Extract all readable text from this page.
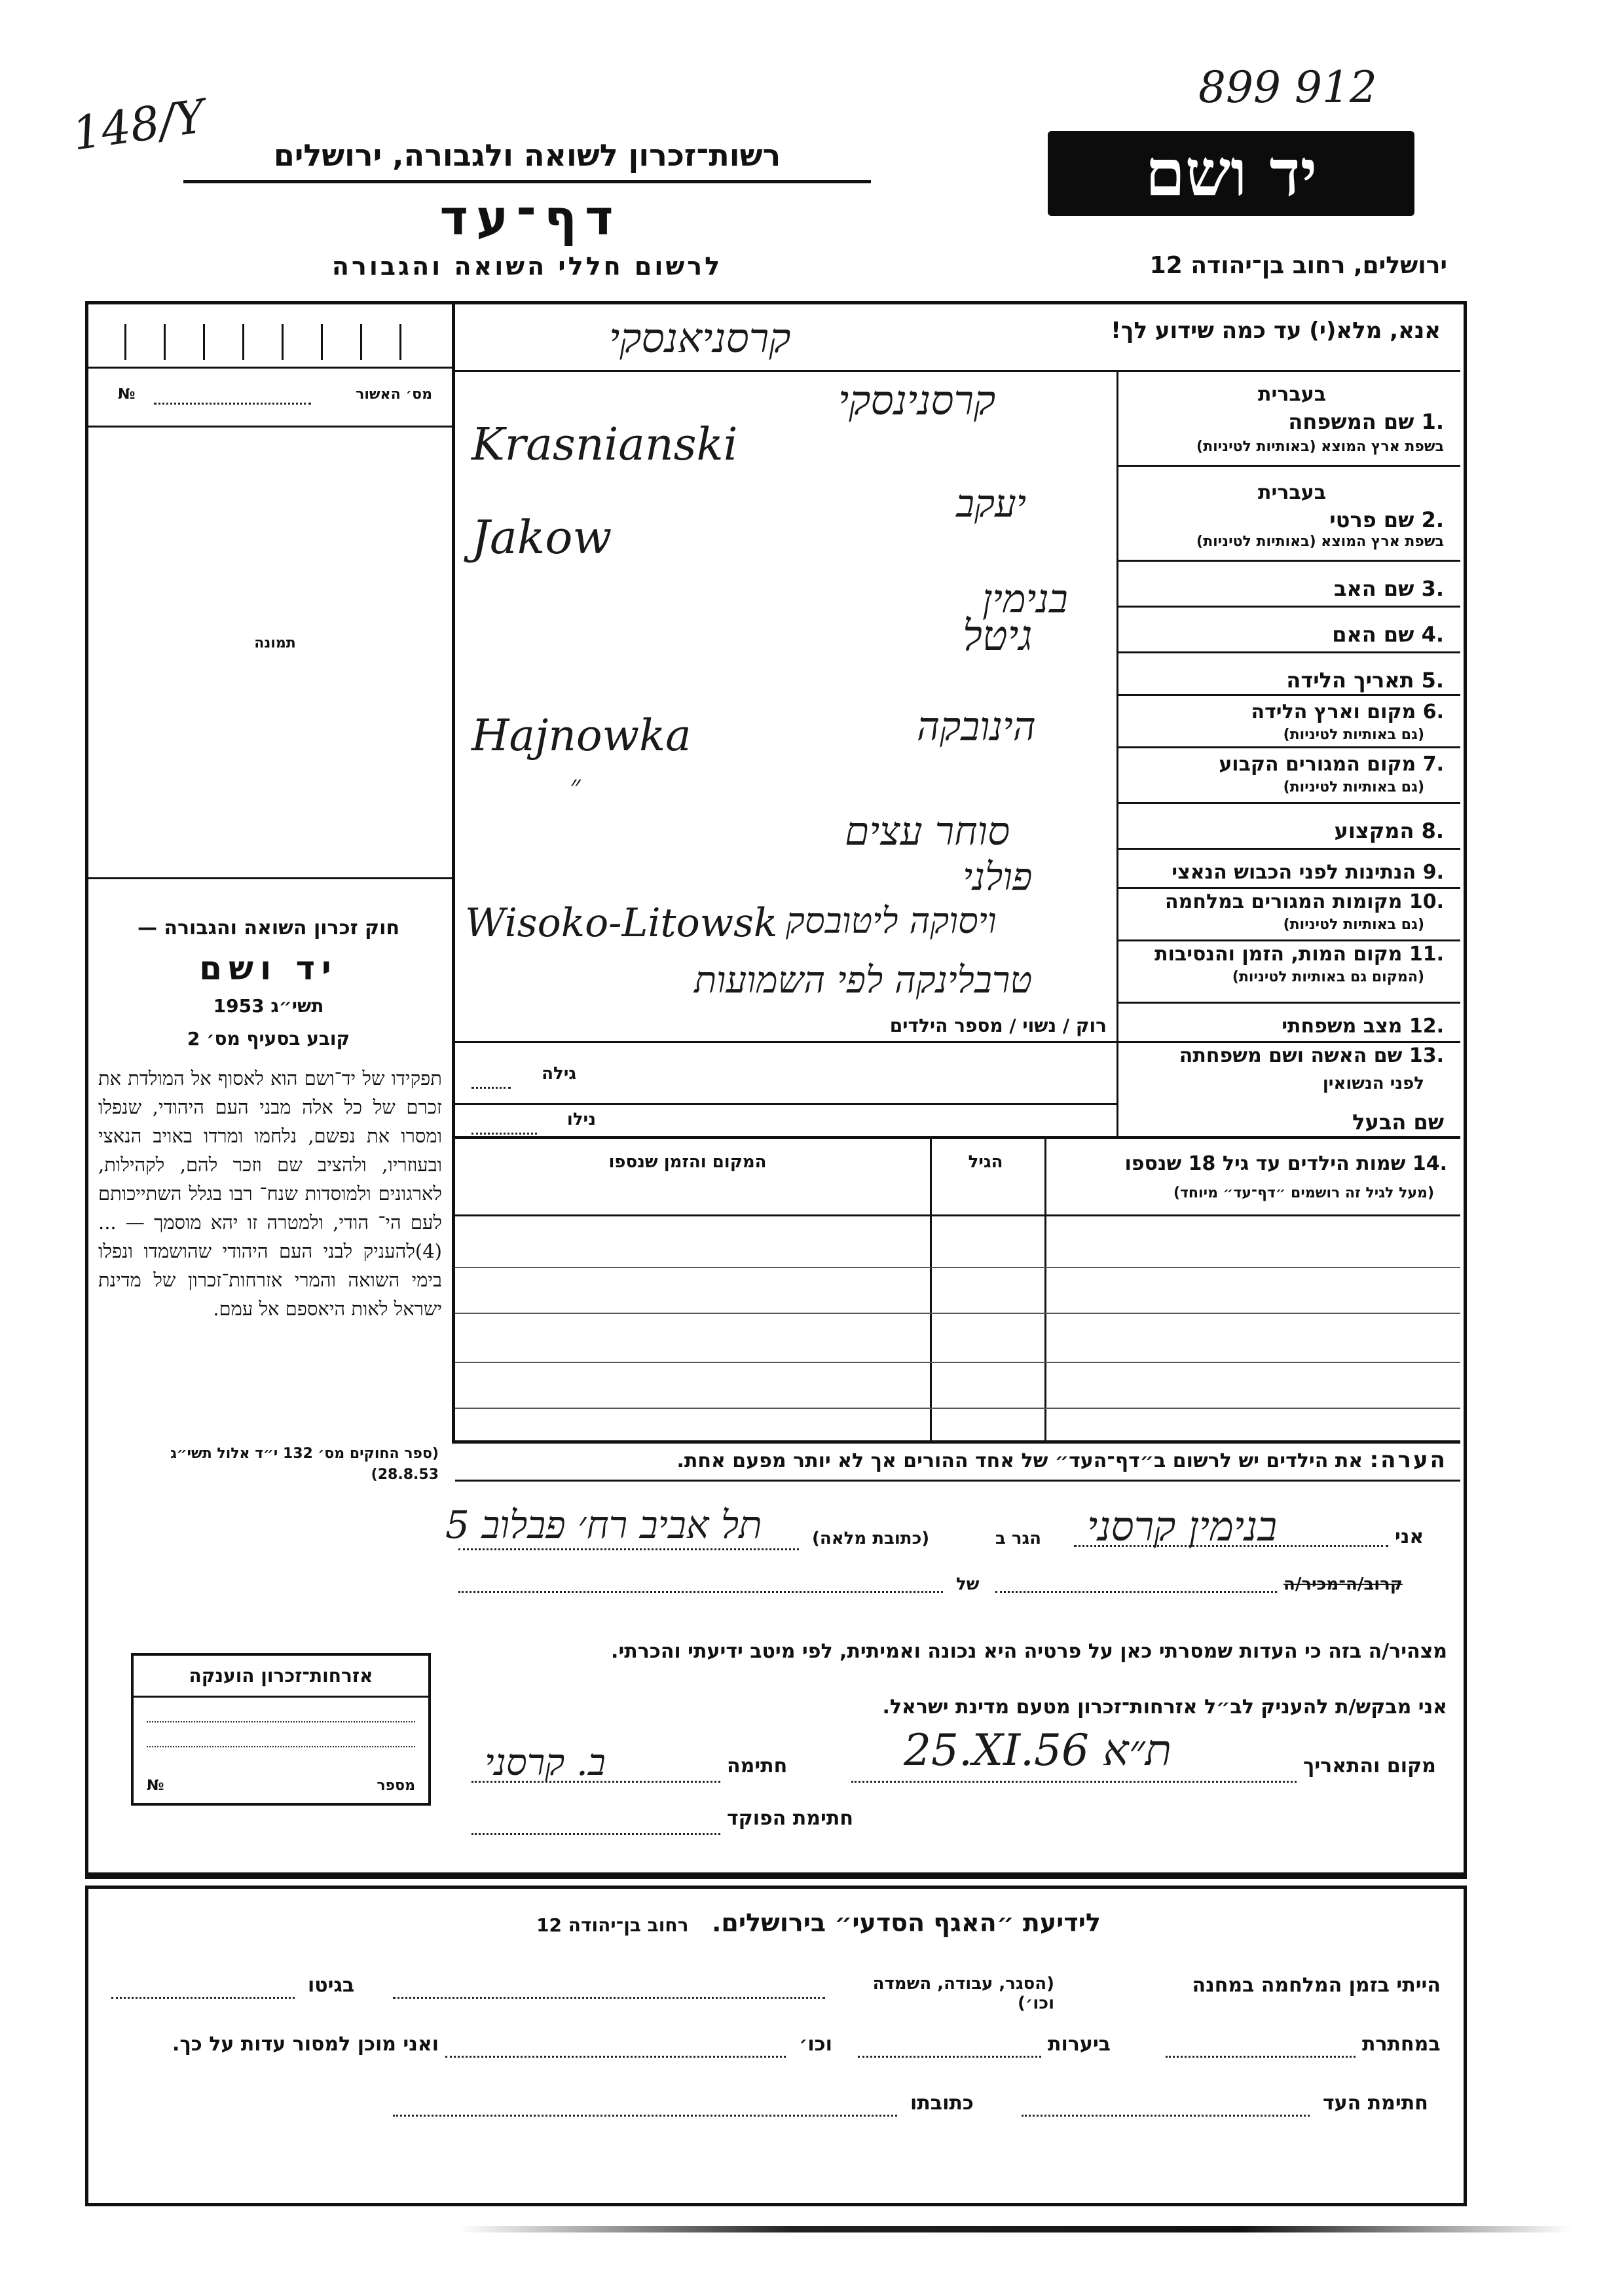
148/Y
899 912
רשות־זכרון לשואה ולגבורה, ירושלים
דף־עד
לרשום חללי השואה והגבורה
יד ושם
ירושלים, רחוב בן־יהודה 12
אנא, מלא(י) עד כמה שידוע לך!
מס׳ האשור
№
תמונה
חוק זכרון השואה והגבורה —
יד ושם
תשי״ג 1953
קובע בסעיף מס׳ 2
תפקידו של יד־ושם הוא לאסוף אל המולדת את זכרם של כל אלה מבני העם היהודי, שנפלו ומסרו את נפשם, נלחמו ומרדו באויב הנאצי ובעוזריו, ולהציב שם וזכר להם, לקהילות, לארגונים ולמוסדות שנח־ רבו בגלל השתייכותם לעם הי־ הודי, ולמטרה זו יהא מוסמך — ...(4)להעניק לבני העם היהודי שהושמדו ונפלו בימי השואה והמרי אזרחות־זכרון של מדינת ישראל לאות היאספם אל עמם.
(ספר החוקים מס׳ 132 י״ד אלול תשי״ג 28.8.53)
בעברית
.1 שם המשפחה
בשפת ארץ המוצא (באותיות לטיניות)
בעברית
.2 שם פרטי
בשפת ארץ המוצא (באותיות לטיניות)
.3 שם האב
.4 שם האם
.5 תאריך הלידה
.6 מקום וארץ הלידה
(גם באותיות לטיניות)
.7 מקום המגורים הקבוע
(גם באותיות לטיניות)
.8 המקצוע
.9 הנתינות לפני הכבוש הנאצי
.10 מקומות המגורים במלחמה
(גם באותיות לטיניות)
.11 מקום המות, הזמן והנסיבות
(המקום גם באותיות לטיניות)
.12 מצב משפחתי
.13 שם האשה ושם משפחתה
לפני הנשואין
גילה
שם הבעל
נילו
.14 שמות הילדים עד גיל 18 שנספו
(מעל לגיל זה רושמים ״דף־עד״ מיוחד)
הגיל
המקום והזמן שנספו
הערה: את הילדים יש לרשום ב״דף־העד״ של אחד ההורים אך לא יותר מפעם אחת.
קרסניאנסקי
קרסנינסקי
Krasnianski
יעקב
Jakow
בנימין
גיטל
הינובקה
Hajnowka
״
סוחר עצים
פולני
Wisoko-Litowsk ויסוקה ליטובסק
טרבלינקה לפי השמועות
רוק / נשוי / מספר הילדים
אני
בנימין קרסני
הגר ב
(כתובת מלאה)
תל אביב רח׳ פבלוב 5
קרוב/ה־מכיר/ה
של
מצהיר/ה בזה כי העדות שמסרתי כאן על פרטיה היא נכונה ואמיתית, לפי מיטב ידיעתי והכרתי.
אני מבקש/ת להעניק לב״ל אזרחות־זכרון מטעם מדינת ישראל.
מקום והתאריך
25.XI.56 ת״א
חתימה
ב. קרסני
חתימת הפוקד
אזרחות־זכרון הוענקה
מספר
№
לידיעת ״האגף הסדעי״ בירושלים.   רחוב בן־יהודה 12
הייתי בזמן המלחמה במחנה
(הסגר, עבודה, השמדה וכו׳)
בגיטו
במחתרת
ביערות
וכו׳
ואני מוכן למסור עדות על כך.
חתימת העד
כתובתו
